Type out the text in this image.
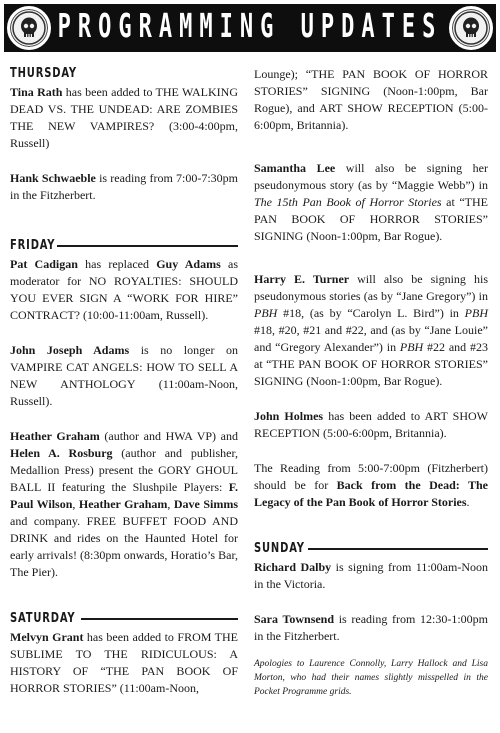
PROGRAMMING UPDATES
THURSDAY

Tina Rath has been added to THE WALKING DEAD VS. THE UNDEAD: ARE ZOMBIES THE NEW VAMPIRES? (3:00-4:00pm, Russell)

Hank Schwaeble is reading from 7:00-7:30pm in the Fitzherbert.

FRIDAY

Pat Cadigan has replaced Guy Adams as moderator for NO ROYALTIES: SHOULD YOU EVER SIGN A “WORK FOR HIRE” CONTRACT? (10:00-11:00am, Russell).

John Joseph Adams is no longer on VAMPIRE CAT ANGELS: HOW TO SELL A NEW ANTHOLOGY (11:00am-Noon, Russell).

Heather Graham (author and HWA VP) and Helen A. Rosburg (author and publisher, Medallion Press) present the GORY GHOUL BALL II featuring the Slushpile Players: F. Paul Wilson, Heather Graham, Dave Simms and company. FREE BUFFET FOOD AND DRINK and rides on the Haunted Hotel for early arrivals! (8:30pm onwards, Horatio’s Bar, The Pier).

SATURDAY

Melvyn Grant has been added to FROM THE SUBLIME TO THE RIDICULOUS: A HISTORY OF “THE PAN BOOK OF HORROR STORIES” (11:00am-Noon,

Lounge); “THE PAN BOOK OF HORROR STORIES” SIGNING (Noon-1:00pm, Bar Rogue), and ART SHOW RECEPTION (5:00-6:00pm, Britannia).

Samantha Lee will also be signing her pseudonymous story (as by “Maggie Webb”) in The 15th Pan Book of Horror Stories at “THE PAN BOOK OF HORROR STORIES” SIGNING (Noon-1:00pm, Bar Rogue).

Harry E. Turner will also be signing his pseudonymous stories (as by “Jane Gregory”) in PBH #18, (as by “Carolyn L. Bird”) in PBH #18, #20, #21 and #22, and (as by “Jane Louie” and “Gregory Alexander”) in PBH #22 and #23 at “THE PAN BOOK OF HORROR STORIES” SIGNING (Noon-1:00pm, Bar Rogue).

John Holmes has been added to ART SHOW RECEPTION (5:00-6:00pm, Britannia).

The Reading from 5:00-7:00pm (Fitzherbert) should be for Back from the Dead: The Legacy of the Pan Book of Horror Stories.

SUNDAY

Richard Dalby is signing from 11:00am-Noon in the Victoria.

Sara Townsend is reading from 12:30-1:00pm in the Fitzherbert.

Apologies to Laurence Connolly, Larry Hallock and Lisa Morton, who had their names slightly misspelled in the Pocket Programme grids.
